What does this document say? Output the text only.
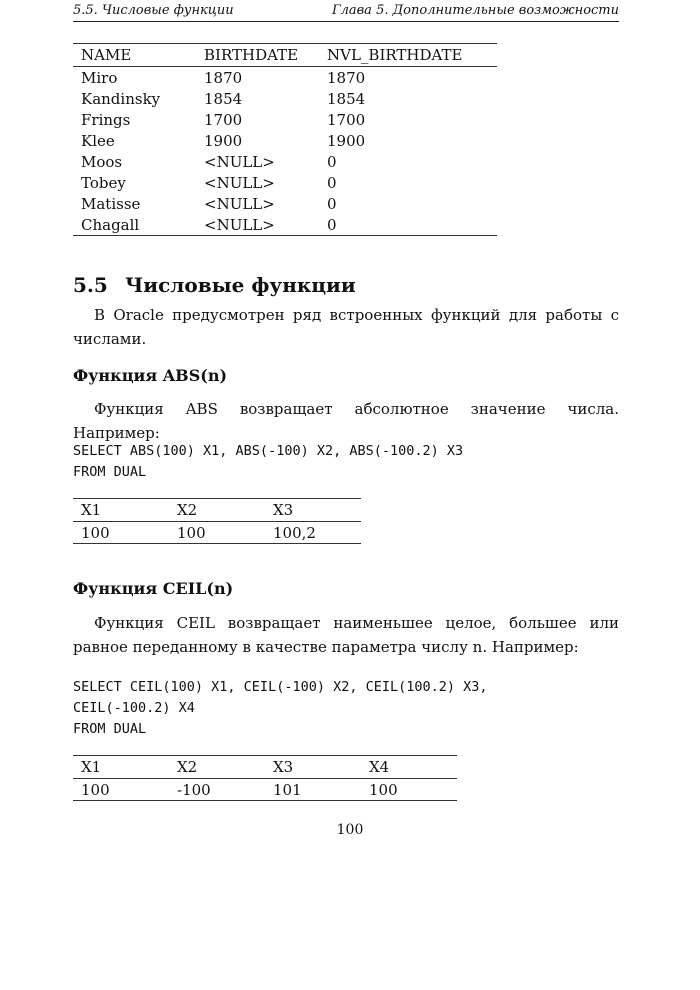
5.5. Числовые функции	Глава 5. Дополнительные возможности
NAME	BIRTHDATE	NVL_BIRTHDATE
Miro	1870	1870
Kandinsky	1854	1854
Frings	1700	1700
Klee	1900	1900
Moos	<NULL>	0
Tobey	<NULL>	0
Matisse	<NULL>	0
Chagall	<NULL>	0
5.5 Числовые функции

В Oracle предусмотрен ряд встроенных функций для работы с числами.

Функция ABS(n)

Функция ABS возвращает абсолютное значение числа. Например:

SELECT ABS(100) X1, ABS(-100) X2, ABS(-100.2) X3
FROM DUAL
X1	X2	X3
100	100	100,2
Функция CEIL(n)

Функция CEIL возвращает наименьшее целое, большее или равное переданному в качестве параметра числу n. Например:

SELECT CEIL(100) X1, CEIL(-100) X2, CEIL(100.2) X3,
CEIL(-100.2) X4
FROM DUAL
X1	X2	X3	X4
100	-100	101	100
100
